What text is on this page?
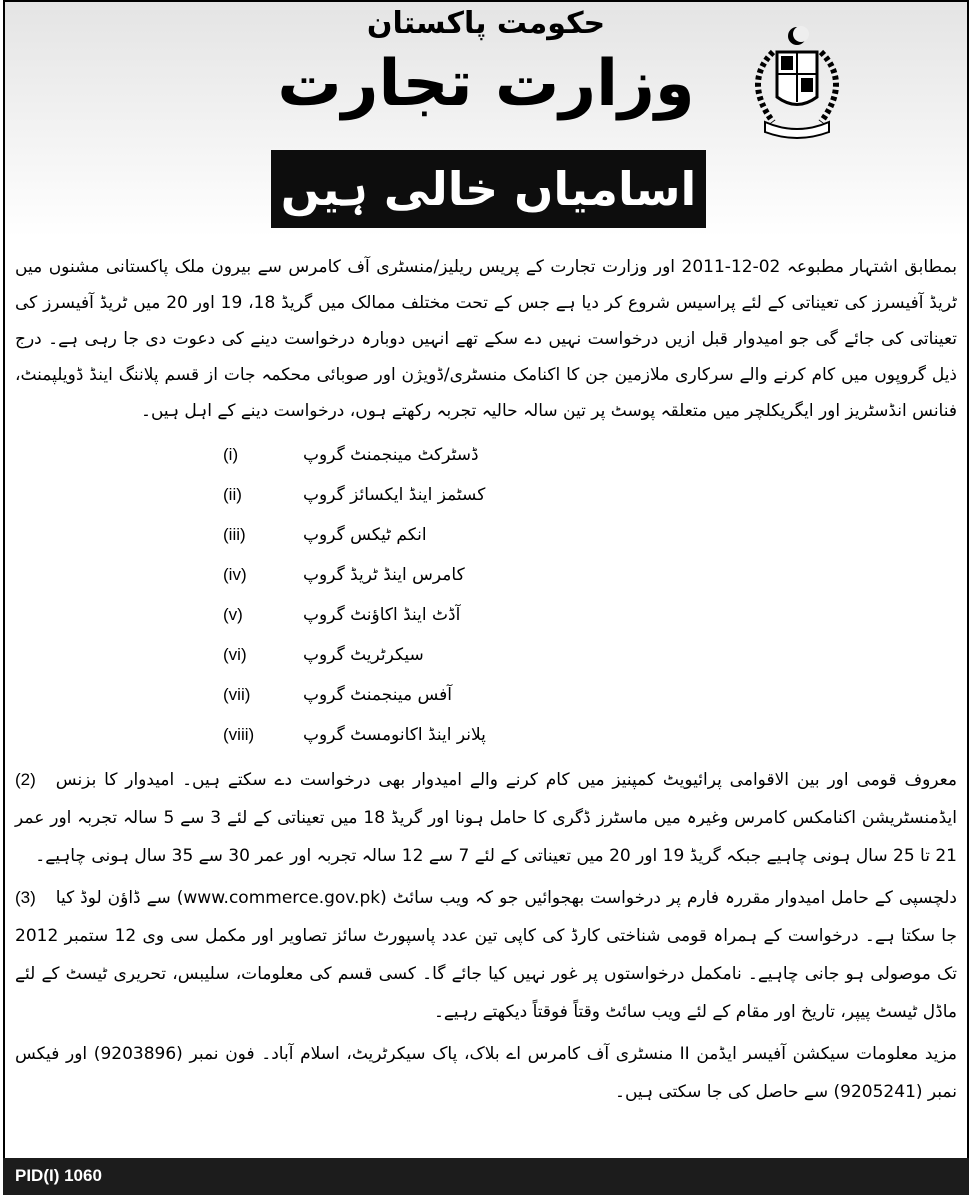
حکومت پاکستان
وزارت تجارت
اسامیاں خالی ہیں

بمطابق اشتہار مطبوعہ 02-12-2011 اور وزارت تجارت کے پریس ریلیز/منسٹری آف کامرس سے بیرون ملک پاکستانی مشنوں میں ٹریڈ آفیسرز کی تعیناتی کے لئے پراسیس شروع کر دیا ہے جس کے تحت مختلف ممالک میں گریڈ 18، 19 اور 20 میں ٹریڈ آفیسرز کی تعیناتی کی جائے گی جو امیدوار قبل ازیں درخواست نہیں دے سکے تھے انہیں دوبارہ درخواست دینے کی دعوت دی جا رہی ہے۔ درج ذیل گروپوں میں کام کرنے والے سرکاری ملازمین جن کا اکنامک منسٹری/ڈویژن اور صوبائی محکمہ جات از قسم پلاننگ اینڈ ڈویلپمنٹ، فنانس انڈسٹریز اور ایگریکلچر میں متعلقہ پوسٹ پر تین سالہ حالیہ تجربہ رکھتے ہوں، درخواست دینے کے اہل ہیں۔

(i)	ڈسٹرکٹ مینجمنٹ گروپ
(ii)	کسٹمز اینڈ ایکسائز گروپ
(iii)	انکم ٹیکس گروپ
(iv)	کامرس اینڈ ٹریڈ گروپ
(v)	آڈٹ اینڈ اکاؤنٹ گروپ
(vi)	سیکرٹریٹ گروپ
(vii)	آفس مینجمنٹ گروپ
(viii)	پلانر اینڈ اکانومسٹ گروپ
(2) معروف قومی اور بین الاقوامی پرائیویٹ کمپنیز میں کام کرنے والے امیدوار بھی درخواست دے سکتے ہیں۔ امیدوار کا بزنس ایڈمنسٹریشن اکنامکس کامرس وغیرہ میں ماسٹرز ڈگری کا حامل ہونا اور گریڈ 18 میں تعیناتی کے لئے 3 سے 5 سالہ تجربہ اور عمر 21 تا 25 سال ہونی چاہیے جبکہ گریڈ 19 اور 20 میں تعیناتی کے لئے 7 سے 12 سالہ تجربہ اور عمر 30 سے 35 سال ہونی چاہیے۔
(3) دلچسپی کے حامل امیدوار مقررہ فارم پر درخواست بھجوائیں جو کہ ویب سائٹ (www.commerce.gov.pk) سے ڈاؤن لوڈ کیا جا سکتا ہے۔ درخواست کے ہمراہ قومی شناختی کارڈ کی کاپی تین عدد پاسپورٹ سائز تصاویر اور مکمل سی وی 12 ستمبر 2012 تک موصولی ہو جانی چاہیے۔ نامکمل درخواستوں پر غور نہیں کیا جائے گا۔ کسی قسم کی معلومات، سلیبس، تحریری ٹیسٹ کے لئے ماڈل ٹیسٹ پیپر، تاریخ اور مقام کے لئے ویب سائٹ وقتاً فوقتاً دیکھتے رہیے۔
مزید معلومات سیکشن آفیسر ایڈمن II منسٹری آف کامرس اے بلاک، پاک سیکرٹریٹ، اسلام آباد۔ فون نمبر (9203896) اور فیکس نمبر (9205241) سے حاصل کی جا سکتی ہیں۔
PID(I) 1060
